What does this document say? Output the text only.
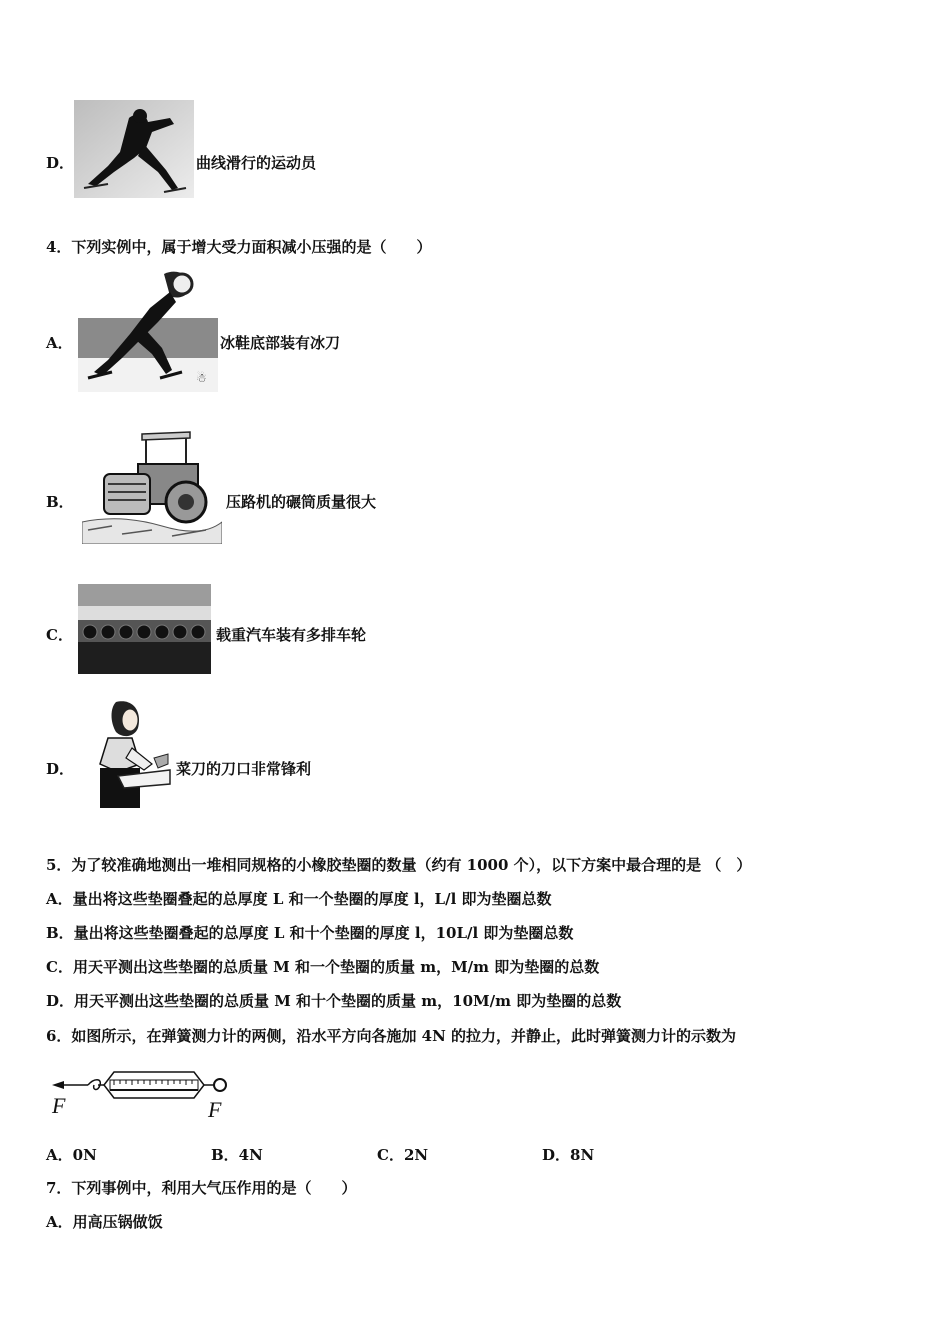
D．	曲线滑行的运动员
4．下列实例中，属于增大受力面积减小压强的是（　　）
A．
☃
冰鞋底部装有冰刀
B．	压路机的碾筒质量很大
C．	载重汽车装有多排车轮
D．	菜刀的刀口非常锋利
5．为了较准确地测出一堆相同规格的小橡胶垫圈的数量（约有 1000 个），以下方案中最合理的是 （　）
A．量出将这些垫圈叠起的总厚度 L 和一个垫圈的厚度 l，L/l 即为垫圈总数
B．量出将这些垫圈叠起的总厚度 L 和十个垫圈的厚度 l，10L/l 即为垫圈总数
C．用天平测出这些垫圈的总质量 M 和一个垫圈的质量 m，M/m 即为垫圈的总数
D．用天平测出这些垫圈的总质量 M 和十个垫圈的质量 m，10M/m 即为垫圈的总数
6．如图所示，在弹簧测力计的两侧，沿水平方向各施加 4N 的拉力，并静止，此时弹簧测力计的示数为
F	F
A．0N	B．4N	C．2N	D．8N
7．下列事例中，利用大气压作用的是（　　）
A．用高压锅做饭
